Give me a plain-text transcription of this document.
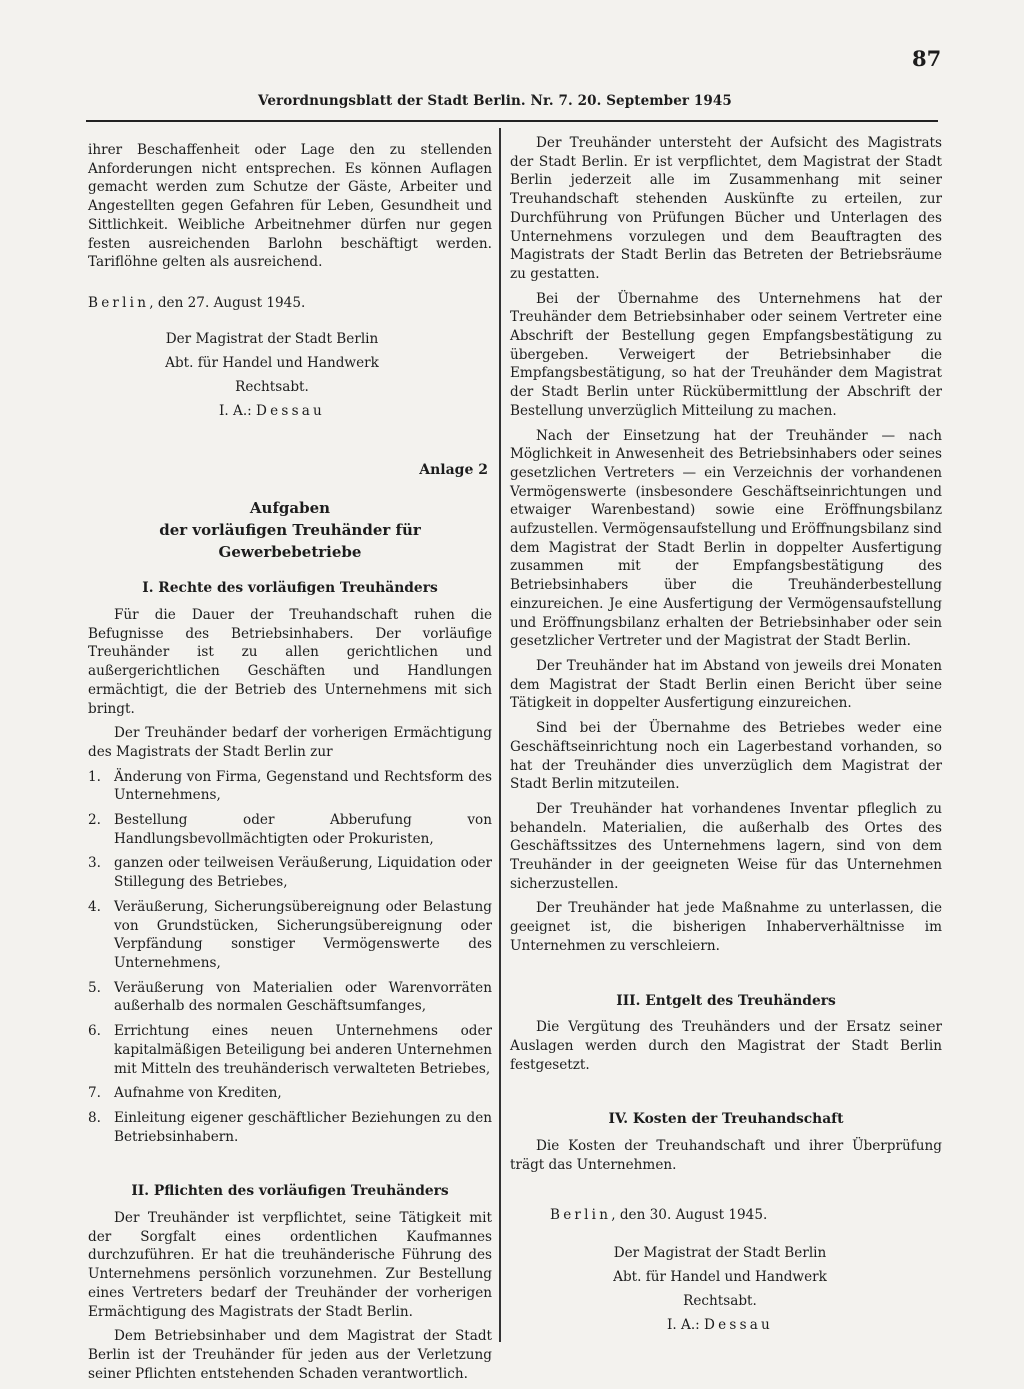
87
Verordnungsblatt der Stadt Berlin. Nr. 7. 20. September 1945

ihrer Beschaffenheit oder Lage den zu stellenden Anforderungen nicht entsprechen. Es können Auflagen gemacht werden zum Schutze der Gäste, Arbeiter und Angestellten gegen Gefahren für Leben, Gesundheit und Sittlichkeit. Weibliche Arbeitnehmer dürfen nur gegen festen ausreichenden Barlohn beschäftigt werden. Tariflöhne gelten als ausreichend.

Berlin, den 27. August 1945.

Der Magistrat der Stadt Berlin

Abt. für Handel und Handwerk

Rechtsabt.

I. A.: Dessau

Anlage 2

Aufgaben

der vorläufigen Treuhänder für Gewerbebetriebe

I. Rechte des vorläufigen Treuhänders

Für die Dauer der Treuhandschaft ruhen die Befugnisse des Betriebsinhabers. Der vorläufige Treuhänder ist zu allen gerichtlichen und außergerichtlichen Geschäften und Handlungen ermächtigt, die der Betrieb des Unternehmens mit sich bringt.

Der Treuhänder bedarf der vorherigen Ermächtigung des Magistrats der Stadt Berlin zur

1. Änderung von Firma, Gegenstand und Rechtsform des Unternehmens,
2. Bestellung oder Abberufung von Handlungsbevollmächtigten oder Prokuristen,
3. ganzen oder teilweisen Veräußerung, Liquidation oder Stillegung des Betriebes,
4. Veräußerung, Sicherungsübereignung oder Belastung von Grundstücken, Sicherungsübereignung oder Verpfändung sonstiger Vermögenswerte des Unternehmens,
5. Veräußerung von Materialien oder Warenvorräten außerhalb des normalen Geschäftsumfanges,
6. Errichtung eines neuen Unternehmens oder kapitalmäßigen Beteiligung bei anderen Unternehmen mit Mitteln des treuhänderisch verwalteten Betriebes,
7. Aufnahme von Krediten,
8. Einleitung eigener geschäftlicher Beziehungen zu den Betriebsinhabern.

II. Pflichten des vorläufigen Treuhänders

Der Treuhänder ist verpflichtet, seine Tätigkeit mit der Sorgfalt eines ordentlichen Kaufmannes durchzuführen. Er hat die treuhänderische Führung des Unternehmens persönlich vorzunehmen. Zur Bestellung eines Vertreters bedarf der Treuhänder der vorherigen Ermächtigung des Magistrats der Stadt Berlin.

Dem Betriebsinhaber und dem Magistrat der Stadt Berlin ist der Treuhänder für jeden aus der Verletzung seiner Pflichten entstehenden Schaden verantwortlich.

Der Treuhänder untersteht der Aufsicht des Magistrats der Stadt Berlin. Er ist verpflichtet, dem Magistrat der Stadt Berlin jederzeit alle im Zusammenhang mit seiner Treuhandschaft stehenden Auskünfte zu erteilen, zur Durchführung von Prüfungen Bücher und Unterlagen des Unternehmens vorzulegen und dem Beauftragten des Magistrats der Stadt Berlin das Betreten der Betriebsräume zu gestatten.

Bei der Übernahme des Unternehmens hat der Treuhänder dem Betriebsinhaber oder seinem Vertreter eine Abschrift der Bestellung gegen Empfangsbestätigung zu übergeben. Verweigert der Betriebsinhaber die Empfangsbestätigung, so hat der Treuhänder dem Magistrat der Stadt Berlin unter Rückübermittlung der Abschrift der Bestellung unverzüglich Mitteilung zu machen.

Nach der Einsetzung hat der Treuhänder — nach Möglichkeit in Anwesenheit des Betriebsinhabers oder seines gesetzlichen Vertreters — ein Verzeichnis der vorhandenen Vermögenswerte (insbesondere Geschäftseinrichtungen und etwaiger Warenbestand) sowie eine Eröffnungsbilanz aufzustellen. Vermögensaufstellung und Eröffnungsbilanz sind dem Magistrat der Stadt Berlin in doppelter Ausfertigung zusammen mit der Empfangsbestätigung des Betriebsinhabers über die Treuhänderbestellung einzureichen. Je eine Ausfertigung der Vermögensaufstellung und Eröffnungsbilanz erhalten der Betriebsinhaber oder sein gesetzlicher Vertreter und der Magistrat der Stadt Berlin.

Der Treuhänder hat im Abstand von jeweils drei Monaten dem Magistrat der Stadt Berlin einen Bericht über seine Tätigkeit in doppelter Ausfertigung einzureichen.

Sind bei der Übernahme des Betriebes weder eine Geschäftseinrichtung noch ein Lagerbestand vorhanden, so hat der Treuhänder dies unverzüglich dem Magistrat der Stadt Berlin mitzuteilen.

Der Treuhänder hat vorhandenes Inventar pfleglich zu behandeln. Materialien, die außerhalb des Ortes des Geschäftssitzes des Unternehmens lagern, sind von dem Treuhänder in der geeigneten Weise für das Unternehmen sicherzustellen.

Der Treuhänder hat jede Maßnahme zu unterlassen, die geeignet ist, die bisherigen Inhaberverhältnisse im Unternehmen zu verschleiern.

III. Entgelt des Treuhänders

Die Vergütung des Treuhänders und der Ersatz seiner Auslagen werden durch den Magistrat der Stadt Berlin festgesetzt.

IV. Kosten der Treuhandschaft

Die Kosten der Treuhandschaft und ihrer Überprüfung trägt das Unternehmen.

Berlin, den 30. August 1945.

Der Magistrat der Stadt Berlin

Abt. für Handel und Handwerk

Rechtsabt.

I. A.: Dessau
